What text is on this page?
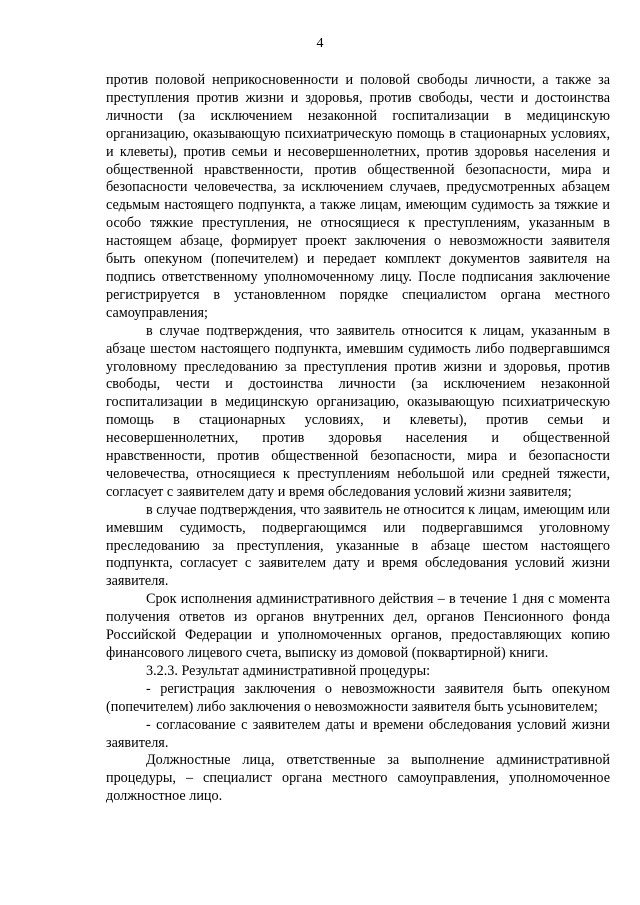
4

против половой неприкосновенности и половой свободы личности, а также за преступления против жизни и здоровья, против свободы, чести и достоинства личности (за исключением незаконной госпитализации в медицинскую организацию, оказывающую психиатрическую помощь в стационарных условиях, и клеветы), против семьи и несовершеннолетних, против здоровья населения и общественной нравственности, против общественной безопасности, мира и безопасности человечества, за исключением случаев, предусмотренных абзацем седьмым настоящего подпункта, а также лицам, имеющим судимость за тяжкие и особо тяжкие преступления, не относящиеся к преступлениям, указанным в настоящем абзаце, формирует проект заключения о невозможности заявителя быть опекуном (попечителем) и передает комплект документов заявителя на подпись ответственному уполномоченному лицу. После подписания заключение регистрируется в установленном порядке специалистом органа местного самоуправления;

в случае подтверждения, что заявитель относится к лицам, указанным в абзаце шестом настоящего подпункта, имевшим судимость либо подвергавшимся уголовному преследованию за преступления против жизни и здоровья, против свободы, чести и достоинства личности (за исключением незаконной госпитализации в медицинскую организацию, оказывающую психиатрическую помощь в стационарных условиях, и клеветы), против семьи и несовершеннолетних, против здоровья населения и общественной нравственности, против общественной безопасности, мира и безопасности человечества, относящиеся к преступлениям небольшой или средней тяжести, согласует с заявителем дату и время обследования условий жизни заявителя;

в случае подтверждения, что заявитель не относится к лицам, имеющим или имевшим судимость, подвергающимся или подвергавшимся уголовному преследованию за преступления, указанные в абзаце шестом настоящего подпункта, согласует с заявителем дату и время обследования условий жизни заявителя.

Срок исполнения административного действия – в течение 1 дня с момента получения ответов из органов внутренних дел, органов Пенсионного фонда Российской Федерации и уполномоченных органов, предоставляющих копию финансового лицевого счета, выписку из домовой (поквартирной) книги.

3.2.3. Результат административной процедуры:

- регистрация заключения о невозможности заявителя быть опекуном (попечителем) либо заключения о невозможности заявителя быть усыновителем;

- согласование с заявителем даты и времени обследования условий жизни заявителя.

Должностные лица, ответственные за выполнение административной процедуры, – специалист органа местного самоуправления, уполномоченное должностное лицо.
